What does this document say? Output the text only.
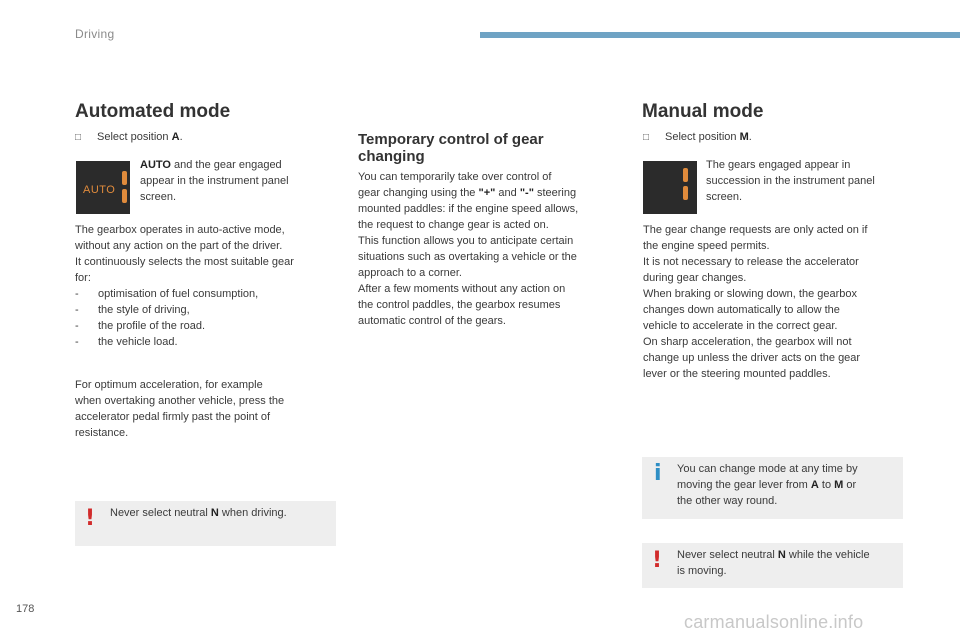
Driving
Automated mode
□ Select position A.
AUTO
AUTO and the gear engaged
appear in the instrument panel
screen.
The gearbox operates in auto-active mode,
without any action on the part of the driver.
It continuously selects the most suitable gear
for:
- optimisation of fuel consumption,
- the style of driving,
- the profile of the road.
- the vehicle load.
For optimum acceleration, for example
when overtaking another vehicle, press the
accelerator pedal firmly past the point of
resistance.
! Never select neutral N when driving.
Temporary control of gear
changing
You can temporarily take over control of
gear changing using the "+" and "-" steering
mounted paddles: if the engine speed allows,
the request to change gear is acted on.
This function allows you to anticipate certain
situations such as overtaking a vehicle or the
approach to a corner.
After a few moments without any action on
the control paddles, the gearbox resumes
automatic control of the gears.
Manual mode
□ Select position M.
The gears engaged appear in
succession in the instrument panel
screen.
The gear change requests are only acted on if
the engine speed permits.
It is not necessary to release the accelerator
during gear changes.
When braking or slowing down, the gearbox
changes down automatically to allow the
vehicle to accelerate in the correct gear.
On sharp acceleration, the gearbox will not
change up unless the driver acts on the gear
lever or the steering mounted paddles.
i You can change mode at any time by
moving the gear lever from A to M or
the other way round.
! Never select neutral N while the vehicle
is moving.
178
carmanualsonline.info
